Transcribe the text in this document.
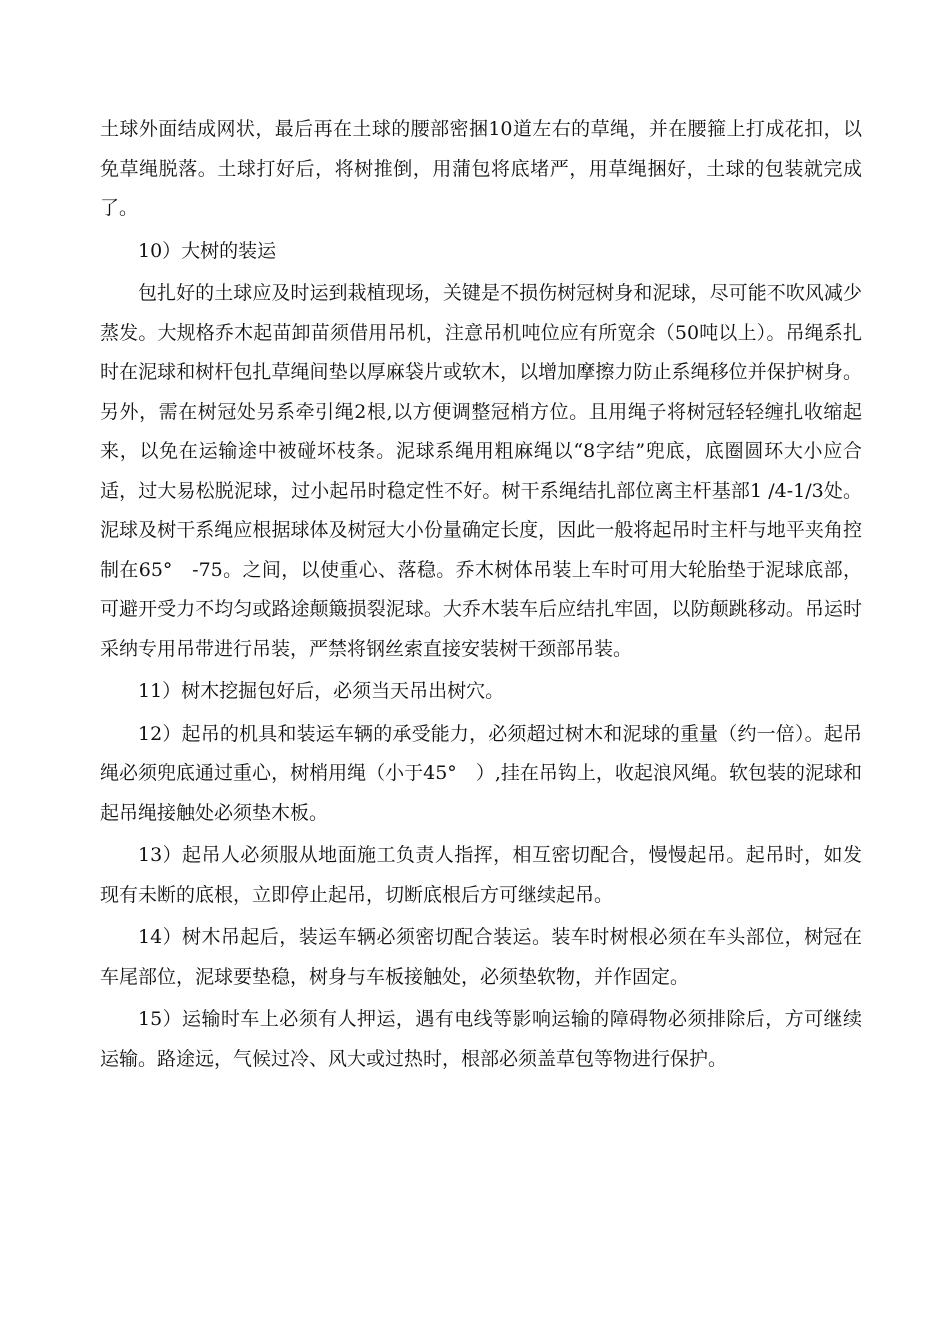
土球外面结成网状，最后再在土球的腰部密捆10道左右的草绳，并在腰箍上打成花扣，以免草绳脱落。土球打好后，将树推倒，用蒲包将底堵严，用草绳捆好，土球的包装就完成了。

10）大树的装运

包扎好的土球应及时运到栽植现场，关键是不损伤树冠树身和泥球，尽可能不吹风减少蒸发。大规格乔木起苗卸苗须借用吊机，注意吊机吨位应有所宽余（50吨以上）。吊绳系扎时在泥球和树杆包扎草绳间垫以厚麻袋片或软木，以增加摩擦力防止系绳移位并保护树身。另外，需在树冠处另系牵引绳2根,以方便调整冠梢方位。且用绳子将树冠轻轻缠扎收缩起来，以免在运输途中被碰坏枝条。泥球系绳用粗麻绳以“8字结”兜底，底圈圆环大小应合适，过大易松脱泥球，过小起吊时稳定性不好。树干系绳结扎部位离主杆基部1 /4-1/3处。泥球及树干系绳应根据球体及树冠大小份量确定长度，因此一般将起吊时主杆与地平夹角控制在65°　-75。之间，以使重心、落稳。乔木树体吊装上车时可用大轮胎垫于泥球底部，可避开受力不均匀或路途颠簸损裂泥球。大乔木装车后应结扎牢固，以防颠跳移动。吊运时采纳专用吊带进行吊装，严禁将钢丝索直接安装树干颈部吊装。

11）树木挖掘包好后，必须当天吊出树穴。

12）起吊的机具和装运车辆的承受能力，必须超过树木和泥球的重量（约一倍）。起吊绳必须兜底通过重心，树梢用绳（小于45°　）,挂在吊钩上，收起浪风绳。软包装的泥球和起吊绳接触处必须垫木板。

13）起吊人必须服从地面施工负责人指挥，相互密切配合，慢慢起吊。起吊时，如发现有未断的底根，立即停止起吊，切断底根后方可继续起吊。

14）树木吊起后，装运车辆必须密切配合装运。装车时树根必须在车头部位，树冠在车尾部位，泥球要垫稳，树身与车板接触处，必须垫软物，并作固定。

15）运输时车上必须有人押运，遇有电线等影响运输的障碍物必须排除后，方可继续运输。路途远，气候过冷、风大或过热时，根部必须盖草包等物进行保护。
